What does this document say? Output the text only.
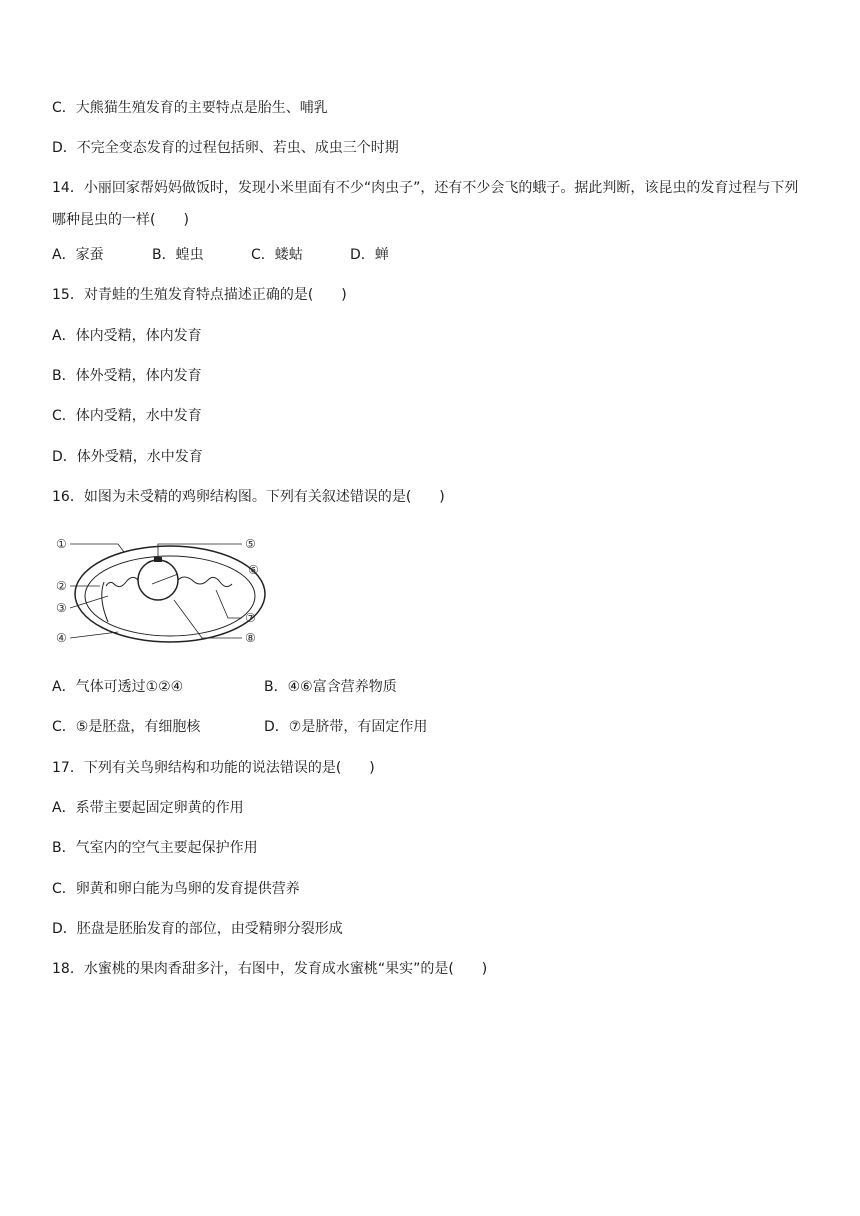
C．大熊猫生殖发育的主要特点是胎生、哺乳
D．不完全变态发育的过程包括卵、若虫、成虫三个时期
14．小丽回家帮妈妈做饭时，发现小米里面有不少“肉虫子”，还有不少会飞的蛾子。据此判断，该昆虫的发育过程与下列哪种昆虫的一样(　　)
A．家蚕	B．蝗虫	C．蝼蛄	D．蝉
15．对青蛙的生殖发育特点描述正确的是(　　)
A．体内受精，体内发育
B．体外受精，体内发育
C．体内受精，水中发育
D．体外受精，水中发育
16．如图为未受精的鸡卵结构图。下列有关叙述错误的是(　　)
①
②
③
④
⑤
⑥
⑦
⑧
A．气体可透过①②④	B．④⑥富含营养物质
C．⑤是胚盘，有细胞核	D．⑦是脐带，有固定作用
17．下列有关鸟卵结构和功能的说法错误的是(　　)
A．系带主要起固定卵黄的作用
B．气室内的空气主要起保护作用
C．卵黄和卵白能为鸟卵的发育提供营养
D．胚盘是胚胎发育的部位，由受精卵分裂形成
18．水蜜桃的果肉香甜多汁，右图中，发育成水蜜桃“果实”的是(　　)
